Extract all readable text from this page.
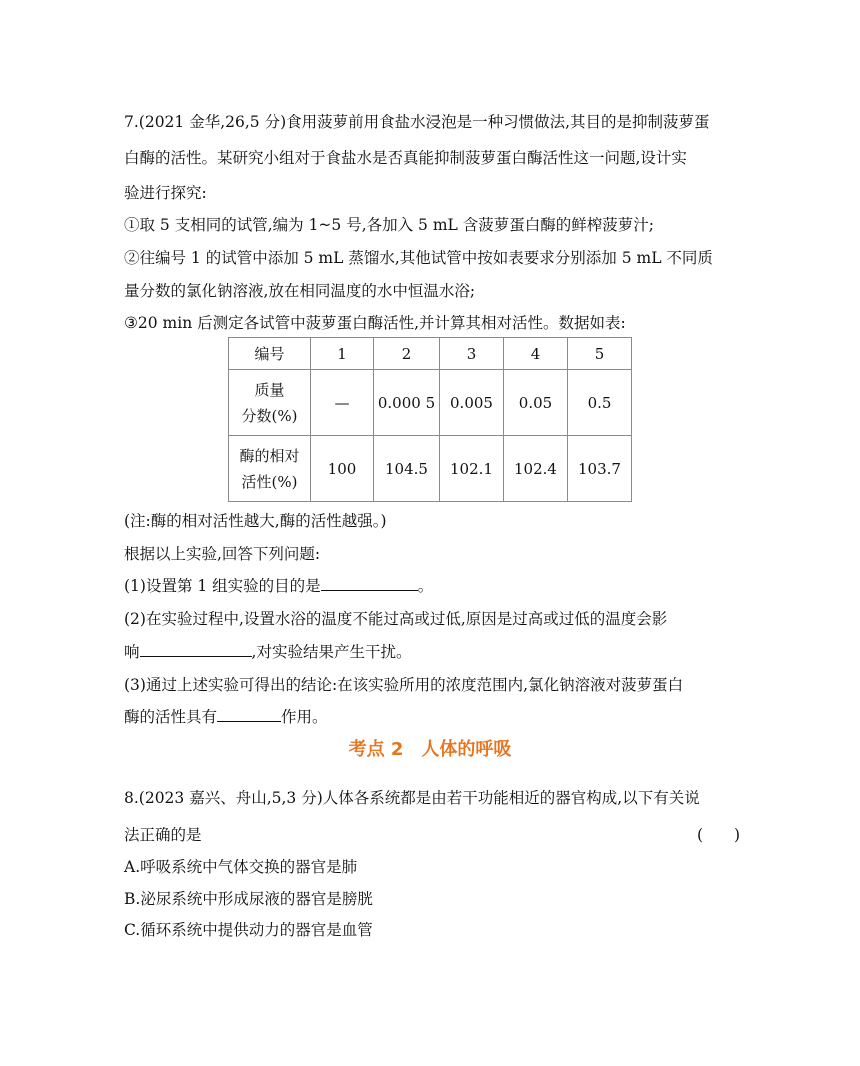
7.(2021 金华,26,5 分)食用菠萝前用食盐水浸泡是一种习惯做法,其目的是抑制菠萝蛋
白酶的活性。某研究小组对于食盐水是否真能抑制菠萝蛋白酶活性这一问题,设计实
验进行探究:
①取 5 支相同的试管,编为 1~5 号,各加入 5 mL 含菠萝蛋白酶的鲜榨菠萝汁;
②往编号 1 的试管中添加 5 mL 蒸馏水,其他试管中按如表要求分别添加 5 mL 不同质
量分数的氯化钠溶液,放在相同温度的水中恒温水浴;
③20 min 后测定各试管中菠萝蛋白酶活性,并计算其相对活性。数据如表:
编号	1	2	3	4	5

质量
分数(%)	—	0.000 5	0.005	0.05	0.5

酶的相对
活性(%)	100	104.5	102.1	102.4	103.7
(注:酶的相对活性越大,酶的活性越强。)
根据以上实验,回答下列问题:
(1)设置第 1 组实验的目的是	。
(2)在实验过程中,设置水浴的温度不能过高或过低,原因是过高或过低的温度会影
响	,对实验结果产生干扰。
(3)通过上述实验可得出的结论:在该实验所用的浓度范围内,氯化钠溶液对菠萝蛋白
酶的活性具有	作用。
考点 2　人体的呼吸
8.(2023 嘉兴、舟山,5,3 分)人体各系统都是由若干功能相近的器官构成,以下有关说
法正确的是	(　　)
A.呼吸系统中气体交换的器官是肺
B.泌尿系统中形成尿液的器官是膀胱
C.循环系统中提供动力的器官是血管
